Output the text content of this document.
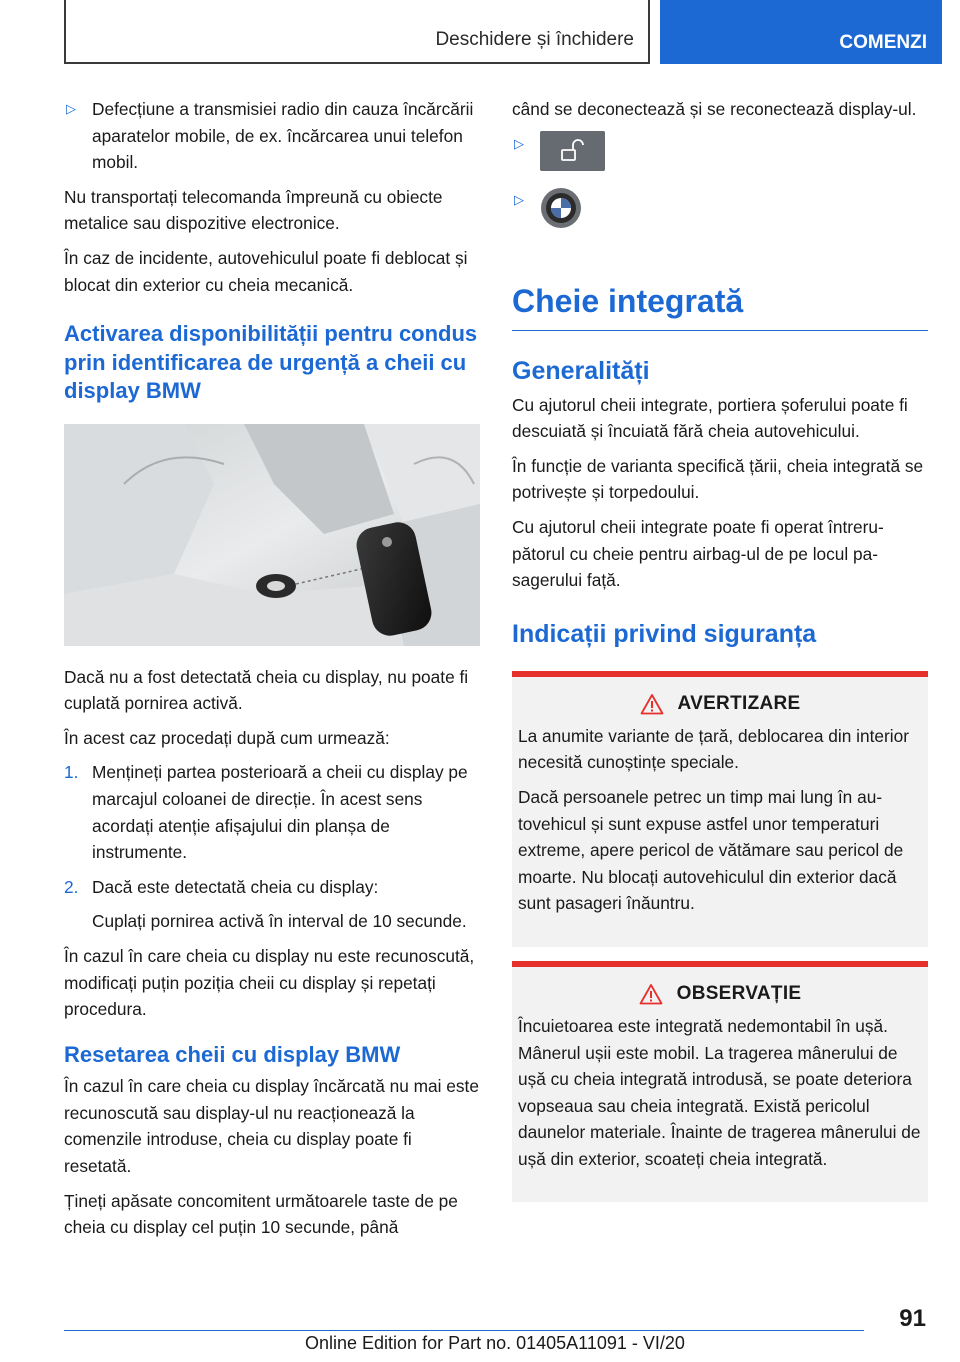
Deschidere și închidere	COMENZI

▷ Defecțiune a transmisiei radio din cauza încărcării aparatelor mobile, de ex. încărcarea unui telefon mobil.

Nu transportați telecomanda împreună cu obiecte metalice sau dispozitive electronice.

În caz de incidente, autovehiculul poate fi deblocat și blocat din exterior cu cheia mecanică.

Activarea disponibilității pentru condus prin identificarea de urgență a cheii cu display BMW

Dacă nu a fost detectată cheia cu display, nu poate fi cuplată pornirea activă.

În acest caz procedați după cum urmează:

1. Mențineți partea posterioară a cheii cu display pe marcajul coloanei de direcție. În acest sens acordați atenție afișajului din planșa de instrumente.

2. Dacă este detectată cheia cu display:

Cuplați pornirea activă în interval de 10 secunde.

În cazul în care cheia cu display nu este recunoscută, modificați puțin poziția cheii cu display și repetați procedura.

Resetarea cheii cu display BMW

În cazul în care cheia cu display încărcată nu mai este recunoscută sau display-ul nu reacționează la comenzile introduse, cheia cu display poate fi resetată.

Țineți apăsate concomitent următoarele taste de pe cheia cu display cel puțin 10 secunde, până

când se deconectează și se reconectează display-ul.

▷
▷
Cheie integrată
Generalități

Cu ajutorul cheii integrate, portiera șoferului poate fi descuiată și încuiată fără cheia autovehicului.

În funcție de varianta specifică țării, cheia integrată se potrivește și torpedoului.

Cu ajutorul cheii integrate poate fi operat întrerupătorul cu cheie pentru airbag-ul de pe locul pasagerului față.

Indicații privind siguranța
AVERTIZARE

La anumite variante de țară, deblocarea din interior necesită cunoștințe speciale.

Dacă persoanele petrec un timp mai lung în autovehicul și sunt expuse astfel unor temperaturi extreme, apere pericol de vătămare sau pericol de moarte. Nu blocați autovehiculul din exterior dacă sunt pasageri înăuntru.

OBSERVAȚIE

Încuietoarea este integrată nedemontabil în ușă. Mânerul ușii este mobil. La tragerea mânerului de ușă cu cheia integrată introdusă, se poate deteriora vopseaua sau cheia integrată. Există pericolul daunelor materiale. Înainte de tragerea mânerului de ușă din exterior, scoateți cheia integrată.

91
Online Edition for Part no. 01405A11091 - VI/20
